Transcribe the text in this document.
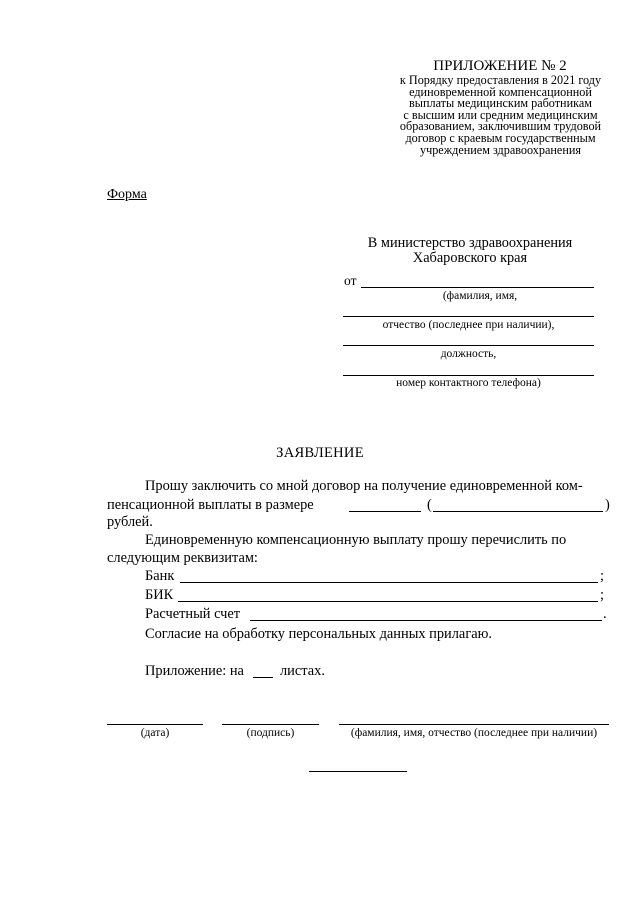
ПРИЛОЖЕНИЕ № 2
к Порядку предоставления в 2021 году
единовременной компенсационной
выплаты медицинским работникам
с высшим или средним медицинским
образованием, заключившим трудовой
договор с краевым государственным
учреждением здравоохранения
Форма
В министерство здравоохранения
Хабаровского края
от
(фамилия, имя,
отчество (последнее при наличии),
должность,
номер контактного телефона)
ЗАЯВЛЕНИЕ
Прошу заключить со мной договор на получение единовременной ком-
пенсационной выплаты в размере	(	)
рублей.
Единовременную компенсационную выплату прошу перечислить по
следующим реквизитам:
Банк	;
БИК	;
Расчетный счет	.
Согласие на обработку персональных данных прилагаю.
Приложение: на	листах.
(дата)	(подпись)	(фамилия, имя, отчество (последнее при наличии)
